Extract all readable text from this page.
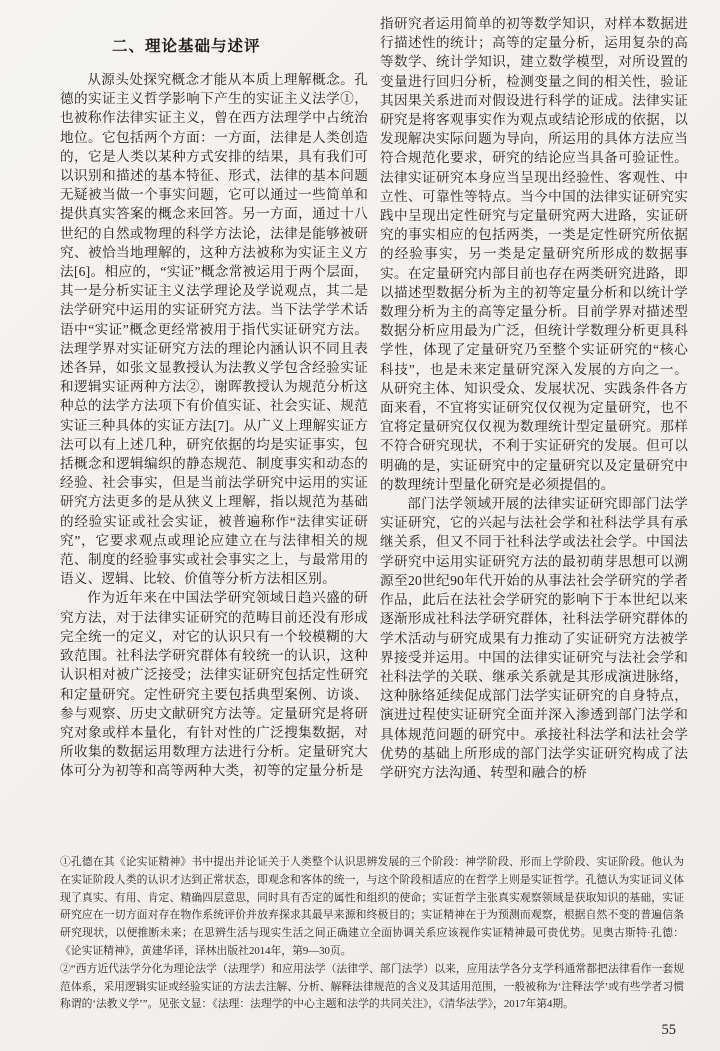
二、理论基础与述评

从源头处探究概念才能从本质上理解概念。孔德的实证主义哲学影响下产生的实证主义法学①，也被称作法律实证主义，曾在西方法理学中占统治地位。它包括两个方面：一方面，法律是人类创造的，它是人类以某种方式安排的结果，具有我们可以识别和描述的基本特征、形式，法律的基本问题无疑被当做一个事实问题，它可以通过一些简单和提供真实答案的概念来回答。另一方面，通过十八世纪的自然或物理的科学方法论，法律是能够被研究、被恰当地理解的，这种方法被称为实证主义方法[6]。相应的，“实证”概念常被运用于两个层面，其一是分析实证主义法学理论及学说观点，其二是法学研究中运用的实证研究方法。当下法学学术话语中“实证”概念更经常被用于指代实证研究方法。法理学界对实证研究方法的理论内涵认识不同且表述各异，如张文显教授认为法教义学包含经验实证和逻辑实证两种方法②，谢晖教授认为规范分析这种总的法学方法项下有价值实证、社会实证、规范实证三种具体的实证方法[7]。从广义上理解实证方法可以有上述几种，研究依据的均是实证事实，包括概念和逻辑编织的静态规范、制度事实和动态的经验、社会事实，但是当前法学研究中运用的实证研究方法更多的是从狭义上理解，指以规范为基础的经验实证或社会实证，被普遍称作“法律实证研究”，它要求观点或理论应建立在与法律相关的规范、制度的经验事实或社会事实之上，与最常用的语义、逻辑、比较、价值等分析方法相区别。

作为近年来在中国法学研究领域日趋兴盛的研究方法，对于法律实证研究的范畴目前还没有形成完全统一的定义，对它的认识只有一个较模糊的大致范围。社科法学研究群体有较统一的认识，这种认识相对被广泛接受；法律实证研究包括定性研究和定量研究。定性研究主要包括典型案例、访谈、参与观察、历史文献研究方法等。定量研究是将研究对象或样本量化，有针对性的广泛搜集数据，对所收集的数据运用数理方法进行分析。定量研究大体可分为初等和高等两种大类，初等的定量分析是

指研究者运用简单的初等数学知识，对样本数据进行描述性的统计；高等的定量分析，运用复杂的高等数学、统计学知识，建立数学模型，对所设置的变量进行回归分析，检测变量之间的相关性，验证其因果关系进而对假设进行科学的证成。法律实证研究是将客观事实作为观点或结论形成的依据，以发现解决实际问题为导向，所运用的具体方法应当符合规范化要求，研究的结论应当具备可验证性。法律实证研究本身应当呈现出经验性、客观性、中立性、可靠性等特点。当今中国的法律实证研究实践中呈现出定性研究与定量研究两大进路，实证研究的事实相应的包括两类，一类是定性研究所依据的经验事实，另一类是定量研究所形成的数据事实。在定量研究内部目前也存在两类研究进路，即以描述型数据分析为主的初等定量分析和以统计学数理分析为主的高等定量分析。目前学界对描述型数据分析应用最为广泛，但统计学数理分析更具科学性，体现了定量研究乃至整个实证研究的“核心科技”，也是未来定量研究深入发展的方向之一。从研究主体、知识受众、发展状况、实践条件各方面来看，不宜将实证研究仅仅视为定量研究，也不宜将定量研究仅仅视为数理统计型定量研究。那样不符合研究现状，不利于实证研究的发展。但可以明确的是，实证研究中的定量研究以及定量研究中的数理统计型量化研究是必须提倡的。

部门法学领域开展的法律实证研究即部门法学实证研究，它的兴起与法社会学和社科法学具有承继关系，但又不同于社科法学或法社会学。中国法学研究中运用实证研究方法的最初萌芽思想可以溯源至20世纪90年代开始的从事法社会学研究的学者作品，此后在法社会学研究的影响下于本世纪以来逐渐形成社科法学研究群体，社科法学研究群体的学术活动与研究成果有力推动了实证研究方法被学界接受并运用。中国的法律实证研究与法社会学和社科法学的关联、继承关系就是其形成演进脉络，这种脉络延续促成部门法学实证研究的自身特点，演进过程使实证研究全面并深入渗透到部门法学和具体规范问题的研究中。承接社科法学和法社会学优势的基础上所形成的部门法学实证研究构成了法学研究方法沟通、转型和融合的桥

①孔德在其《论实证精神》书中提出并论证关于人类整个认识思辨发展的三个阶段：神学阶段、形而上学阶段、实证阶段。他认为在实证阶段人类的认识才达到正常状态，即观念和客体的统一，与这个阶段相适应的在哲学上则是实证哲学。孔德认为实证词义体现了真实、有用、肯定、精确四层意思，同时具有否定的属性和组织的使命；实证哲学主张真实观察领域是获取知识的基础，实证研究应在一切方面对存在物作系统评价并放弃探求其最早来源和终极目的；实证精神在于为预测而观察，根据自然不变的普遍信条研究现状，以便推断未来；在思辨生活与现实生活之间正确建立全面协调关系应该视作实证精神最可贵优势。见奥古斯特·孔德：《论实证精神》，黄建华译，译林出版社2014年，第9—30页。

②“西方近代法学分化为理论法学（法理学）和应用法学（法律学、部门法学）以来，应用法学各分支学科通常都把法律看作一套规范体系，采用逻辑实证或经验实证的方法去注解、分析、解释法律规范的含义及其适用范围，一般被称为‘注释法学’或有些学者习惯称谓的‘法教义学’”。见张文显：《法理：法理学的中心主题和法学的共同关注》，《清华法学》，2017年第4期。

55
